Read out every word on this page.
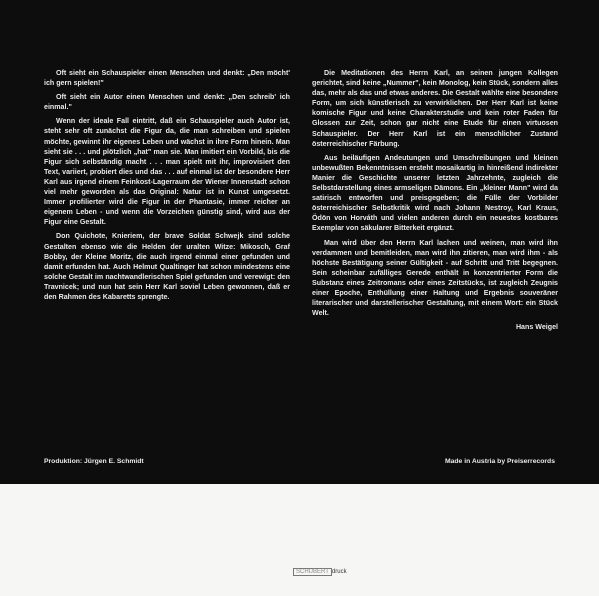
Oft sieht ein Schauspieler einen Menschen und denkt: „Den möcht' ich gern spielen!"

Oft sieht ein Autor einen Menschen und denkt: „Den schreib' ich einmal."

Wenn der ideale Fall eintritt, daß ein Schauspieler auch Autor ist, steht sehr oft zunächst die Figur da, die man schreiben und spielen möchte, gewinnt ihr eigenes Leben und wächst in ihre Form hinein. Man sieht sie . . . und plötzlich „hat" man sie. Man imitiert ein Vorbild, bis die Figur sich selbständig macht . . . man spielt mit ihr, improvisiert den Text, variiert, probiert dies und das . . . auf einmal ist der besondere Herr Karl aus irgend einem Feinkost-Lagerraum der Wiener Innenstadt schon viel mehr geworden als das Original: Natur ist in Kunst umgesetzt. Immer profilierter wird die Figur in der Phantasie, immer reicher an eigenem Leben - und wenn die Vorzeichen günstig sind, wird aus der Figur eine Gestalt.

Don Quichote, Knieriem, der brave Soldat Schwejk sind solche Gestalten ebenso wie die Helden der uralten Witze: Mikosch, Graf Bobby, der Kleine Moritz, die auch irgend einmal einer gefunden und damit erfunden hat. Auch Helmut Qualtinger hat schon mindestens eine solche Gestalt im nachtwandlerischen Spiel gefunden und verewigt: den Travnicek; und nun hat sein Herr Karl soviel Leben gewonnen, daß er den Rahmen des Kabaretts sprengte.

Die Meditationen des Herrn Karl, an seinen jungen Kollegen gerichtet, sind keine „Nummer", kein Monolog, kein Stück, sondern alles das, mehr als das und etwas anderes. Die Gestalt wählte eine besondere Form, um sich künstlerisch zu verwirklichen. Der Herr Karl ist keine komische Figur und keine Charakterstudie und kein roter Faden für Glossen zur Zeit, schon gar nicht eine Etude für einen virtuosen Schauspieler. Der Herr Karl ist ein menschlicher Zustand österreichischer Färbung.

Aus beiläufigen Andeutungen und Umschreibungen und kleinen unbewußten Bekenntnissen ersteht mosaikartig in hinreißend indirekter Manier die Geschichte unserer letzten Jahrzehnte, zugleich die Selbstdarstellung eines armseligen Dämons. Ein „kleiner Mann" wird da satirisch entworfen und preisgegeben; die Fülle der Vorbilder österreichischer Selbstkritik wird nach Johann Nestroy, Karl Kraus, Ödön von Horváth und vielen anderen durch ein neuestes kostbares Exemplar von säkularer Bitterkeit ergänzt.

Man wird über den Herrn Karl lachen und weinen, man wird ihn verdammen und bemitleiden, man wird ihn zitieren, man wird ihm - als höchste Bestätigung seiner Gültigkeit - auf Schritt und Tritt begegnen. Sein scheinbar zufälliges Gerede enthält in konzentrierter Form die Substanz eines Zeitromans oder eines Zeitstücks, ist zugleich Zeugnis einer Epoche, Enthüllung einer Haltung und Ergebnis souveräner literarischer und darstellerischer Gestaltung, mit einem Wort: ein Stück Welt.

Hans Weigel
Produktion: Jürgen E. Schmidt	Made in Austria by Preiserrecords
SCHUBERT druck
